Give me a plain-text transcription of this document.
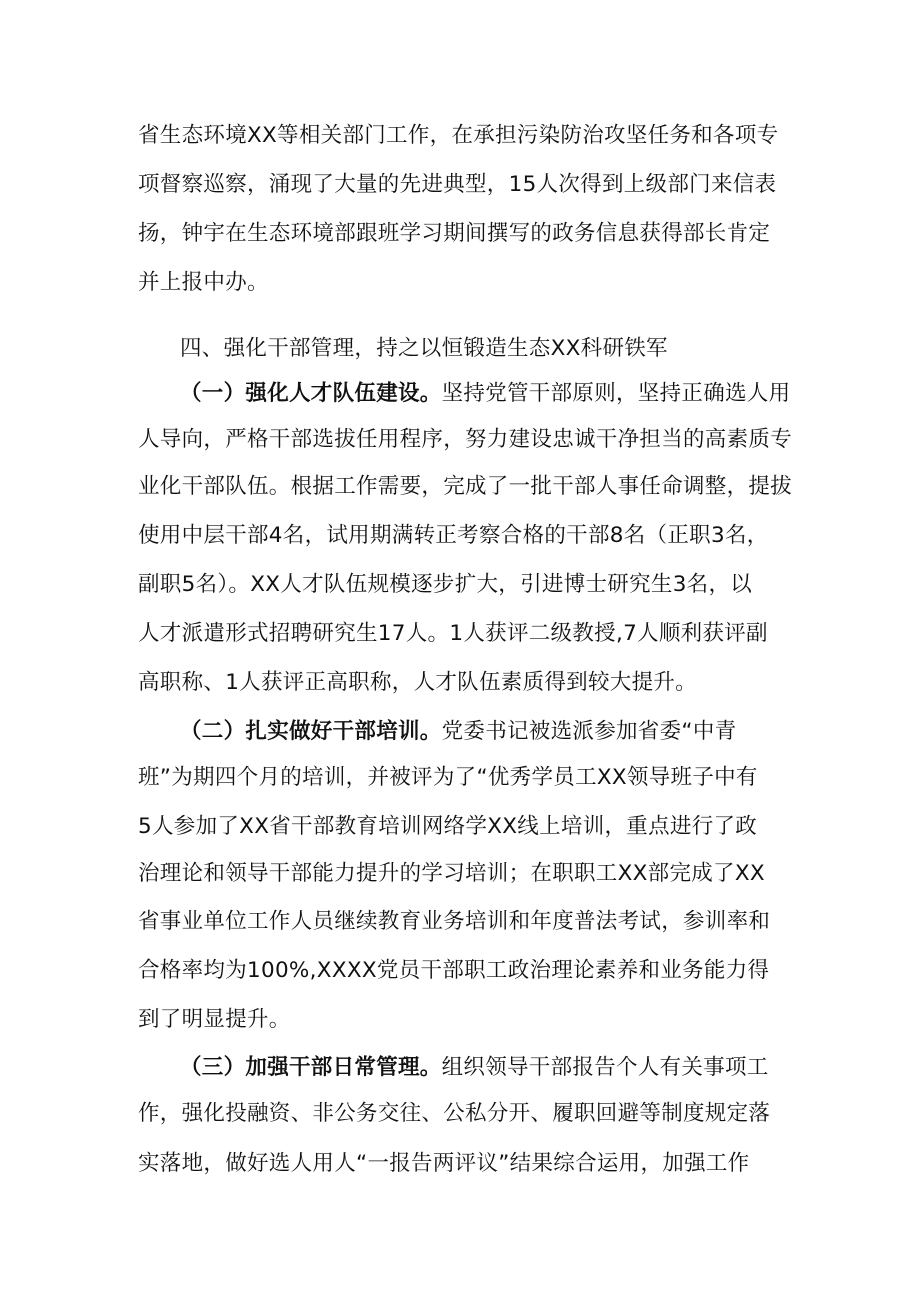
省生态环境XX等相关部门工作，在承担污染防治攻坚任务和各项专
项督察巡察，涌现了大量的先进典型，15人次得到上级部门来信表
扬，钟宇在生态环境部跟班学习期间撰写的政务信息获得部长肯定
并上报中办。
四、强化干部管理，持之以恒锻造生态XX科研铁军
（一）强化人才队伍建设。坚持党管干部原则，坚持正确选人用
人导向，严格干部选拔任用程序，努力建设忠诚干净担当的高素质专
业化干部队伍。根据工作需要，完成了一批干部人事任命调整，提拔
使用中层干部4名，试用期满转正考察合格的干部8名（正职3名，
副职5名）。XX人才队伍规模逐步扩大，引进博士研究生3名，以
人才派遣形式招聘研究生17人。1人获评二级教授,7人顺利获评副
高职称、1人获评正高职称，人才队伍素质得到较大提升。
（二）扎实做好干部培训。党委书记被选派参加省委“中青
班”为期四个月的培训，并被评为了“优秀学员工XX领导班子中有
5人参加了XX省干部教育培训网络学XX线上培训，重点进行了政
治理论和领导干部能力提升的学习培训；在职职工XX部完成了XX
省事业单位工作人员继续教育业务培训和年度普法考试，参训率和
合格率均为100%,XXXX党员干部职工政治理论素养和业务能力得
到了明显提升。
（三）加强干部日常管理。组织领导干部报告个人有关事项工
作，强化投融资、非公务交往、公私分开、履职回避等制度规定落
实落地，做好选人用人“一报告两评议”结果综合运用，加强工作
